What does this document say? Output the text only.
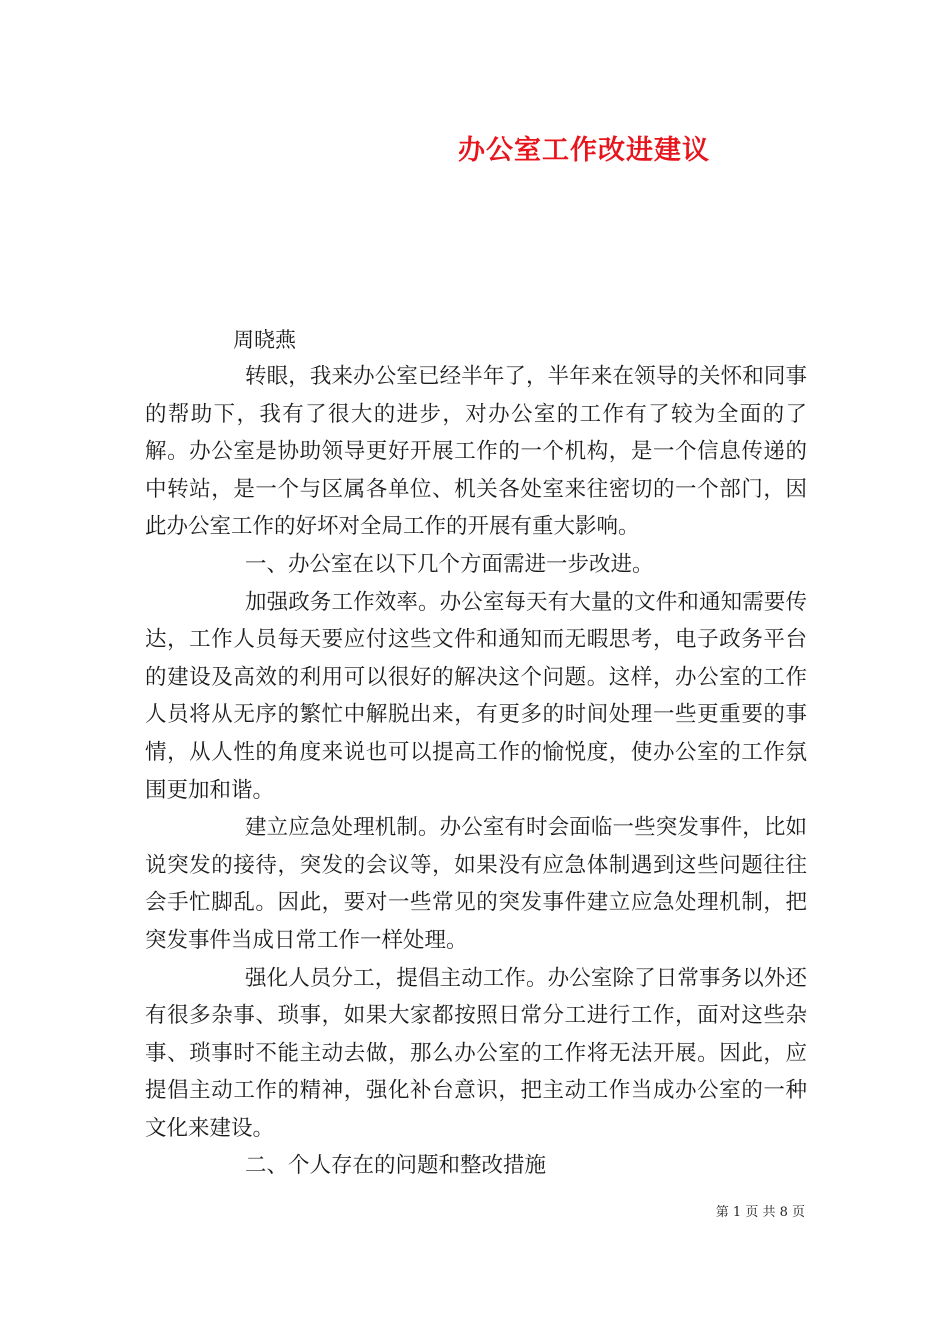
办公室工作改进建议
周晓燕

转眼，我来办公室已经半年了，半年来在领导的关怀和同事的帮助下，我有了很大的进步，对办公室的工作有了较为全面的了解。办公室是协助领导更好开展工作的一个机构，是一个信息传递的中转站，是一个与区属各单位、机关各处室来往密切的一个部门，因此办公室工作的好坏对全局工作的开展有重大影响。

一、办公室在以下几个方面需进一步改进。

加强政务工作效率。办公室每天有大量的文件和通知需要传达，工作人员每天要应付这些文件和通知而无暇思考，电子政务平台的建设及高效的利用可以很好的解决这个问题。这样，办公室的工作人员将从无序的繁忙中解脱出来，有更多的时间处理一些更重要的事情，从人性的角度来说也可以提高工作的愉悦度，使办公室的工作氛围更加和谐。

建立应急处理机制。办公室有时会面临一些突发事件，比如说突发的接待，突发的会议等，如果没有应急体制遇到这些问题往往会手忙脚乱。因此，要对一些常见的突发事件建立应急处理机制，把突发事件当成日常工作一样处理。

强化人员分工，提倡主动工作。办公室除了日常事务以外还有很多杂事、琐事，如果大家都按照日常分工进行工作，面对这些杂事、琐事时不能主动去做，那么办公室的工作将无法开展。因此，应提倡主动工作的精神，强化补台意识，把主动工作当成办公室的一种文化来建设。

二、个人存在的问题和整改措施

第 1 页 共 8 页
